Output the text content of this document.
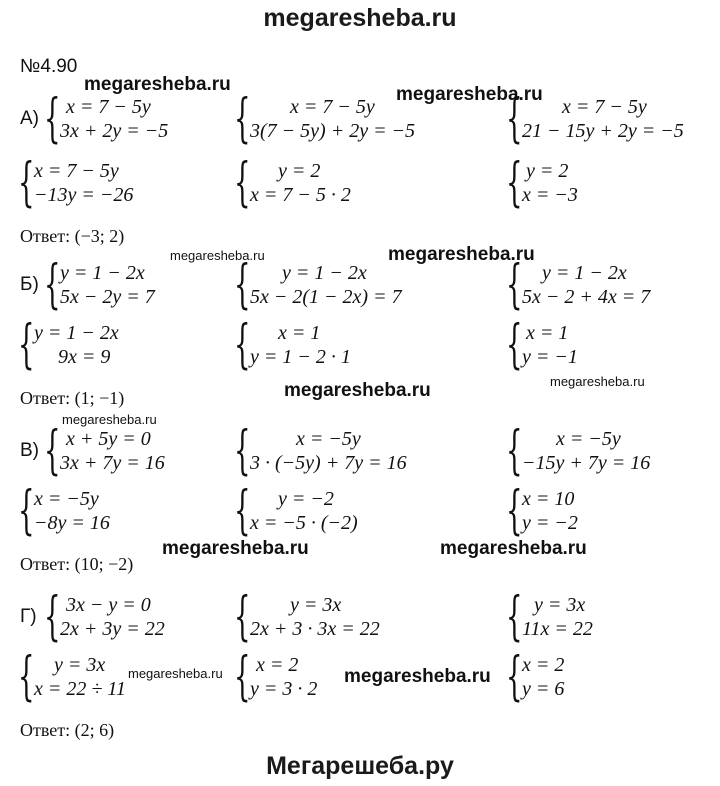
megaresheba.ru
№4.90
А) { x = 7 − 5y
3x + 2y = −5 { x = 7 − 5y
3(7 − 5y) + 2y = −5 { x = 7 − 5y
21 − 15y + 2y = −5
{ x = 7 − 5y
−13y = −26 { y = 2
x = 7 − 5 · 2	{ y = 2
x = −3
Ответ: (−3; 2)
Б) { y = 1 − 2x
5x − 2y = 7 { y = 1 − 2x
5x − 2(1 − 2x) = 7 { y = 1 − 2x
5x − 2 + 4x = 7
{ y = 1 − 2x
9x = 9 { x = 1
y = 1 − 2 · 1	{ x = 1
y = −1
Ответ: (1; −1)
В) { x + 5y = 0
3x + 7y = 16 { x = −5y
3 · (−5y) + 7y = 16 { x = −5y
−15y + 7y = 16
{ x = −5y
−8y = 16 { y = −2
x = −5 · (−2)	{ x = 10
y = −2
Ответ: (10; −2)
Г) { 3x − y = 0
2x + 3y = 22 { y = 3x
2x + 3 · 3x = 22 { y = 3x
11x = 22
{ y = 3x
x = 22 ÷ 11 { x = 2
y = 3 · 2	{ x = 2
y = 6
Ответ: (2; 6)
megaresheba.ru	megaresheba.ru
megaresheba.ru	megaresheba.ru
megaresheba.ru	megaresheba.ru
megaresheba.ru
megaresheba.ru	megaresheba.ru
megaresheba.ru	megaresheba.ru
Мегарешеба.ру
